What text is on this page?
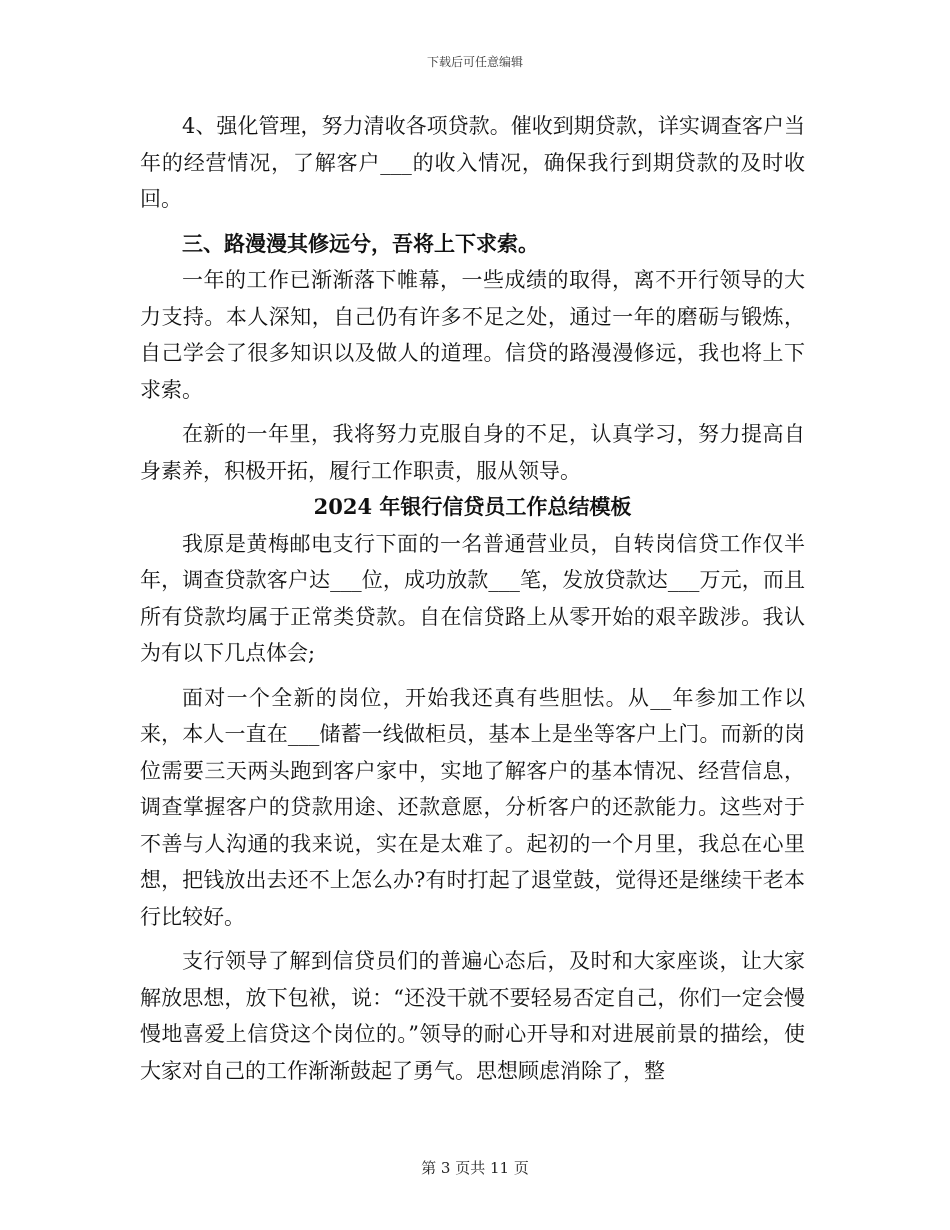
下载后可任意编辑

4、强化管理，努力清收各项贷款。催收到期贷款，详实调查客户当年的经营情况，了解客户___的收入情况，确保我行到期贷款的及时收回。

三、路漫漫其修远兮，吾将上下求索。

一年的工作已渐渐落下帷幕，一些成绩的取得，离不开行领导的大力支持。本人深知，自己仍有许多不足之处，通过一年的磨砺与锻炼，自己学会了很多知识以及做人的道理。信贷的路漫漫修远，我也将上下求索。

在新的一年里，我将努力克服自身的不足，认真学习，努力提高自身素养，积极开拓，履行工作职责，服从领导。

2024 年银行信贷员工作总结模板

我原是黄梅邮电支行下面的一名普通营业员，自转岗信贷工作仅半年，调查贷款客户达___位，成功放款___笔，发放贷款达___万元，而且所有贷款均属于正常类贷款。自在信贷路上从零开始的艰辛跋涉。我认为有以下几点体会;

面对一个全新的岗位，开始我还真有些胆怯。从__年参加工作以来，本人一直在___储蓄一线做柜员，基本上是坐等客户上门。而新的岗位需要三天两头跑到客户家中，实地了解客户的基本情况、经营信息，调查掌握客户的贷款用途、还款意愿，分析客户的还款能力。这些对于不善与人沟通的我来说，实在是太难了。起初的一个月里，我总在心里想，把钱放出去还不上怎么办?有时打起了退堂鼓，觉得还是继续干老本行比较好。

支行领导了解到信贷员们的普遍心态后，及时和大家座谈，让大家解放思想，放下包袱，说：“还没干就不要轻易否定自己，你们一定会慢慢地喜爱上信贷这个岗位的。”领导的耐心开导和对进展前景的描绘，使大家对自己的工作渐渐鼓起了勇气。思想顾虑消除了，整

第 3 页共 11 页
